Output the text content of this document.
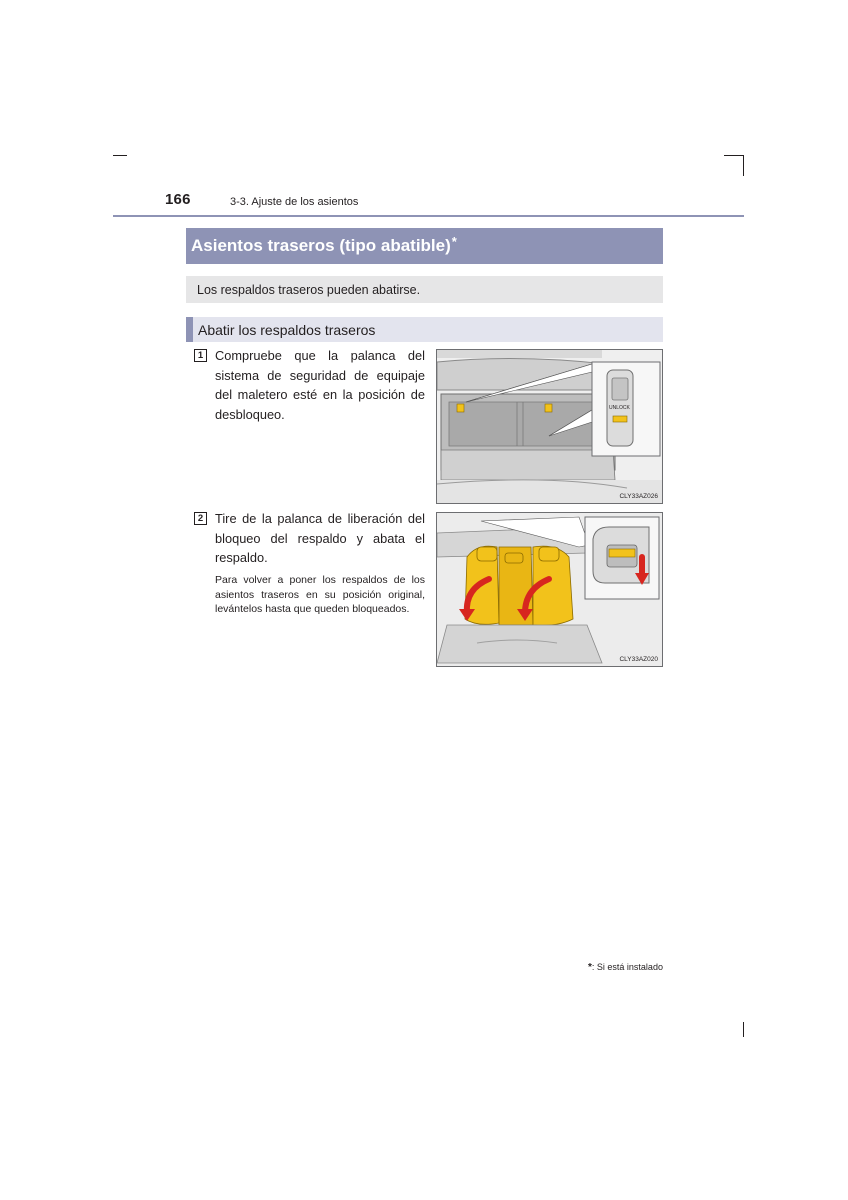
166	3-3. Ajuste de los asientos
Asientos traseros (tipo abatible) *
Los respaldos traseros pueden abatirse.
Abatir los respaldos traseros
1 Compruebe que la palanca del sistema de seguridad de equipaje del maletero esté en la posición de desbloqueo.	UNLOCK
CLY33AZ026
2 Tire de la palanca de liberación del bloqueo del respaldo y abata el respaldo.
Para volver a poner los respaldos de los asientos traseros en su posición original, levántelos hasta que queden bloqueados.
CLY33AZ020
*: Si está instalado
